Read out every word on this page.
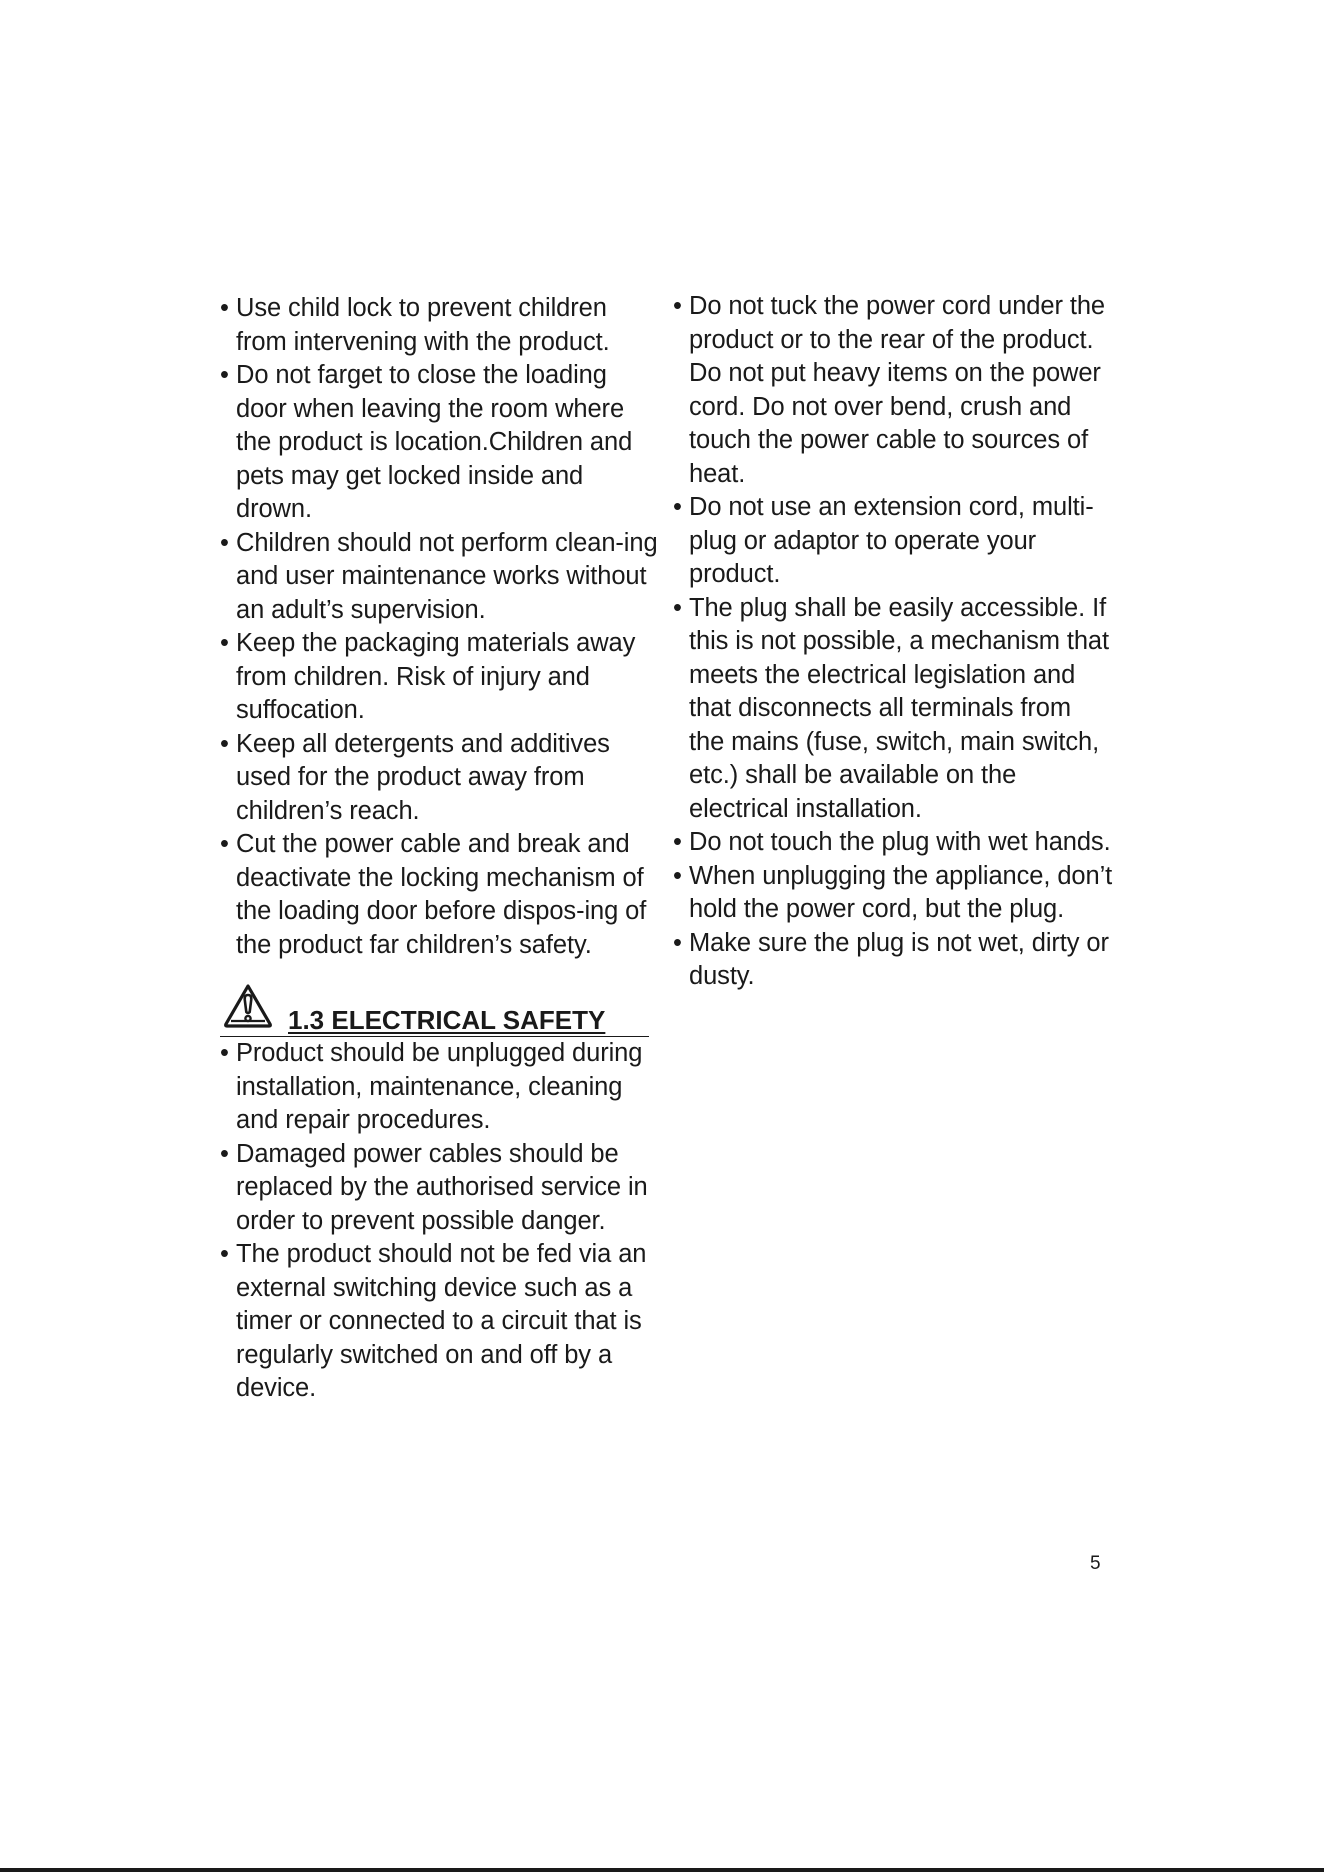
• Use child lock to prevent children from intervening with the product.
• Do not farget to close the loading door when leaving the room where the product is location.Children and pets may get locked inside and drown.
• Children should not perform clean-ing and user maintenance works without an adult’s supervision.
• Keep the packaging materials away from children. Risk of injury and suffocation.
• Keep all detergents and additives used for the product away from children’s reach.
• Cut the power cable and break and deactivate the locking mechanism of the loading door before dispos-ing of the product far children’s safety.
1.3 ELECTRICAL SAFETY
• Product should be unplugged during installation, maintenance, cleaning and repair procedures.
• Damaged power cables should be replaced by the authorised service in order to prevent possible danger.
• The product should not be fed via an external switching device such as a timer or connected to a circuit that is regularly switched on and off by a device.
• Do not tuck the power cord under the product or to the rear of the product. Do not put heavy items on the power cord. Do not over bend, crush and touch the power cable to sources of heat.
• Do not use an extension cord, multi-plug or adaptor to operate your product.
• The plug shall be easily accessible. If this is not possible, a mechanism that meets the electrical legislation and that disconnects all terminals from the mains (fuse, switch, main switch, etc.) shall be available on the electrical installation.
• Do not touch the plug with wet hands.
• When unplugging the appliance, don’t hold the power cord, but the plug.
• Make sure the plug is not wet, dirty or dusty.
5
